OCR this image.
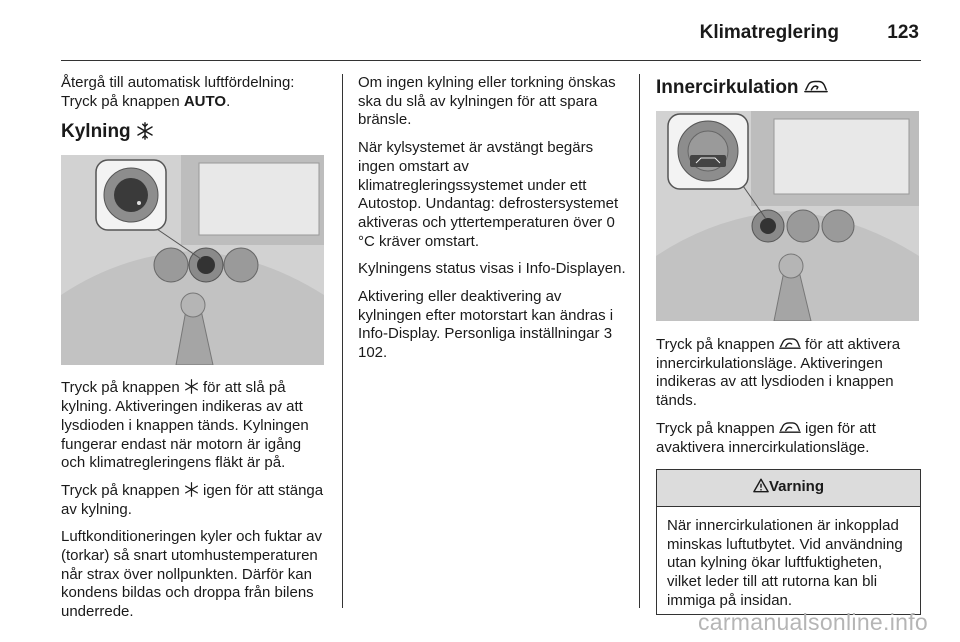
Klimatreglering	123

Återgå till automatisk luftfördelning:
Tryck på knappen AUTO.

Kylning

Tryck på knappen  för att slå på kylning. Aktiveringen indikeras av att lysdioden i knappen tänds. Kylningen fungerar endast när motorn är igång och klimatregleringens fläkt är på.

Tryck på knappen  igen för att stänga av kylning.

Luftkonditioneringen kyler och fuktar av (torkar) så snart utomhustemperaturen når strax över nollpunkten. Därför kan kondens bildas och droppa från bilens underrede.

Om ingen kylning eller torkning önskas ska du slå av kylningen för att spara bränsle.

När kylsystemet är avstängt begärs ingen omstart av klimatregleringssystemet under ett Autostop. Undantag: defrostersystemet aktiveras och yttertemperaturen över 0 °C kräver omstart.

Kylningens status visas i Info-Displayen.

Aktivering eller deaktivering av kylningen efter motorstart kan ändras i Info-Display. Personliga inställningar 3 102.

Innercirkulation

Tryck på knappen  för att aktivera innercirkulationsläge. Aktiveringen indikeras av att lysdioden i knappen tänds.

Tryck på knappen  igen för att avaktivera innercirkulationsläge.

Varning
När innercirkulationen är inkopplad minskas luftutbytet. Vid användning utan kylning ökar luftfuktigheten, vilket leder till att rutorna kan bli immiga på insidan.
carmanualsonline.info
